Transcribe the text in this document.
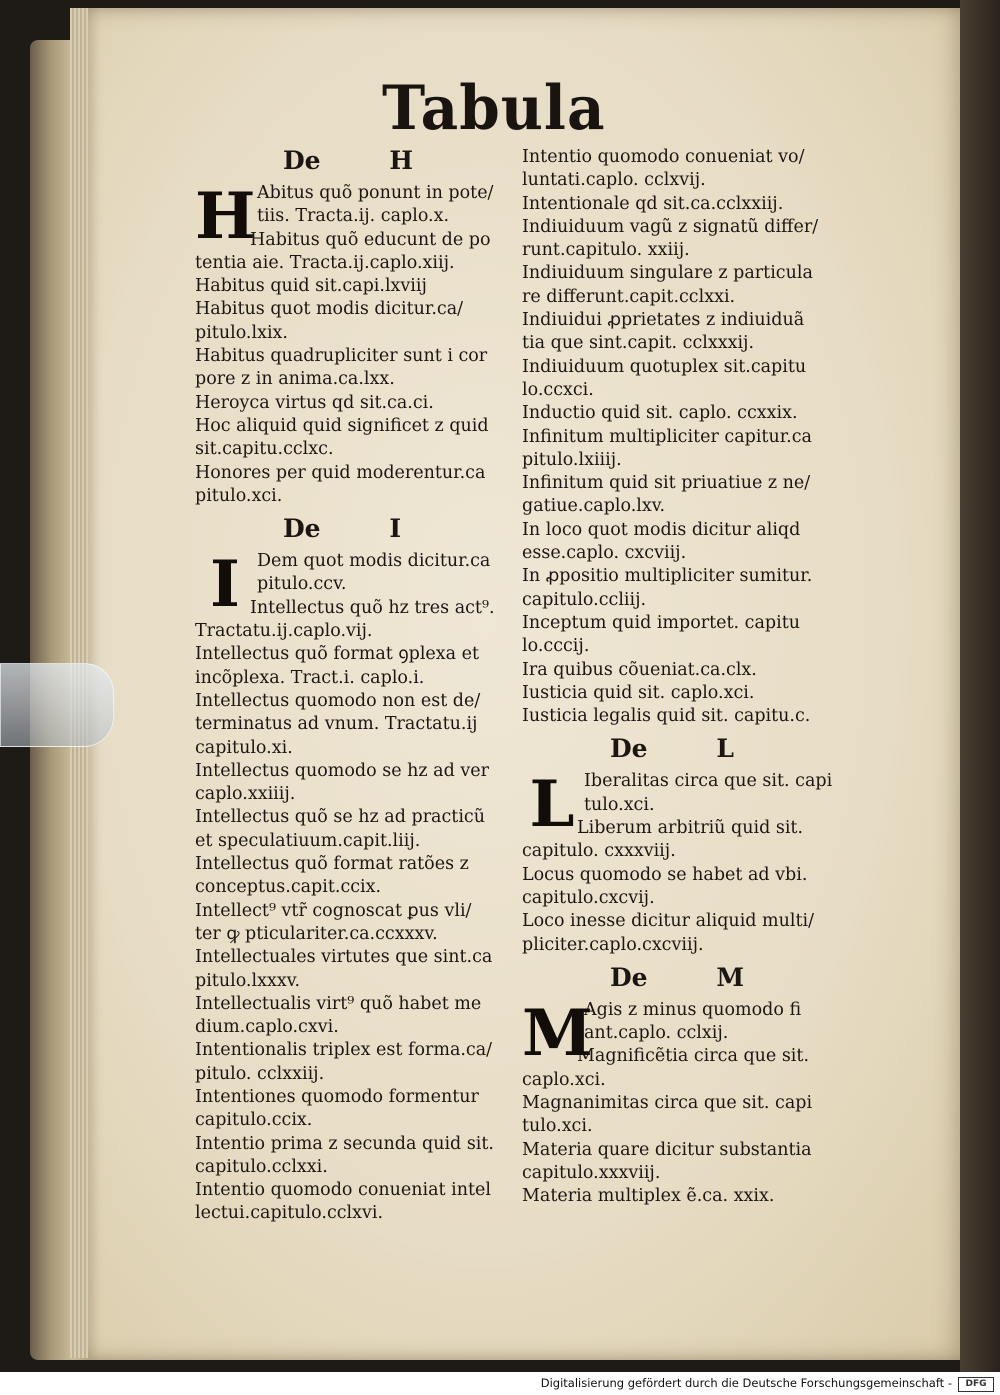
Tabula
De	H
H Abitus quõ ponunt in pote/
tiis. Tracta.ij. caplo.x.
Habitus quõ educunt de po
tentia aie. Tracta.ij.caplo.xiij.
Habitus quid sit.capi.lxviij
Habitus quot modis dicitur.ca/
pitulo.lxix.
Habitus quadrupliciter sunt i cor
pore z in anima.ca.lxx.
Heroyca virtus qd sit.ca.ci.
Hoc aliquid quid significet z quid
sit.capitu.cclxc.
Honores per quid moderentur.ca
pitulo.xci.
De	I
I Dem quot modis dicitur.ca
pitulo.ccv.
Intellectus quõ hz tres act⁹.
Tractatu.ij.caplo.vij.
Intellectus quõ format ꝯplexa et
incõplexa. Tract.i. caplo.i.
Intellectus quomodo non est de/
terminatus ad vnum. Tractatu.ij
capitulo.xi.
Intellectus quomodo se hz ad ver
caplo.xxiiij.
Intellectus quõ se hz ad practicũ
et speculatiuum.capit.liij.
Intellectus quõ format ratões z
conceptus.capit.ccix.
Intellect⁹ vtr̃ cognoscat ꝑus vli/
ter ꝙ pticulariter.ca.ccxxxv.
Intellectuales virtutes que sint.ca
pitulo.lxxxv.
Intellectualis virt⁹ quõ habet me
dium.caplo.cxvi.
Intentionalis triplex est forma.ca/
pitulo. cclxxiij.
Intentiones quomodo formentur
capitulo.ccix.
Intentio prima z secunda quid sit.
capitulo.cclxxi.
Intentio quomodo conueniat intel
lectui.capitulo.cclxvi.
Intentio quomodo conueniat vo/
luntati.caplo. cclxvij.
Intentionale qd sit.ca.cclxxiij.
Indiuiduum vagũ z signatũ differ/
runt.capitulo. xxiij.
Indiuiduum singulare z particula
re differunt.capit.cclxxi.
Indiuidui ꝓprietates z indiuiduã
tia que sint.capit. cclxxxij.
Indiuiduum quotuplex sit.capitu
lo.ccxci.
Inductio quid sit. caplo. ccxxix.
Infinitum multipliciter capitur.ca
pitulo.lxiiij.
Infinitum quid sit priuatiue z ne/
gatiue.caplo.lxv.
In loco quot modis dicitur aliqd
esse.caplo. cxcviij.
In ꝓpositio multipliciter sumitur.
capitulo.ccliij.
Inceptum quid importet. capitu
lo.cccij.
Ira quibus cõueniat.ca.clx.
Iusticia quid sit. caplo.xci.
Iusticia legalis quid sit. capitu.c.
De	L
L Iberalitas circa que sit. capi
tulo.xci.
Liberum arbitriũ quid sit.
capitulo. cxxxviij.
Locus quomodo se habet ad vbi.
capitulo.cxcvij.
Loco inesse dicitur aliquid multi/
pliciter.caplo.cxcviij.
De	M
M
Agis z minus quomodo fi
ant.caplo. cclxij.
Magnificẽtia circa que sit.
caplo.xci.
Magnanimitas circa que sit. capi
tulo.xci.
Materia quare dicitur substantia
capitulo.xxxviij.
Materia multiplex ẽ.ca. xxix.
Digitalisierung gefördert durch die Deutsche Forschungsgemeinschaft -	DFG
